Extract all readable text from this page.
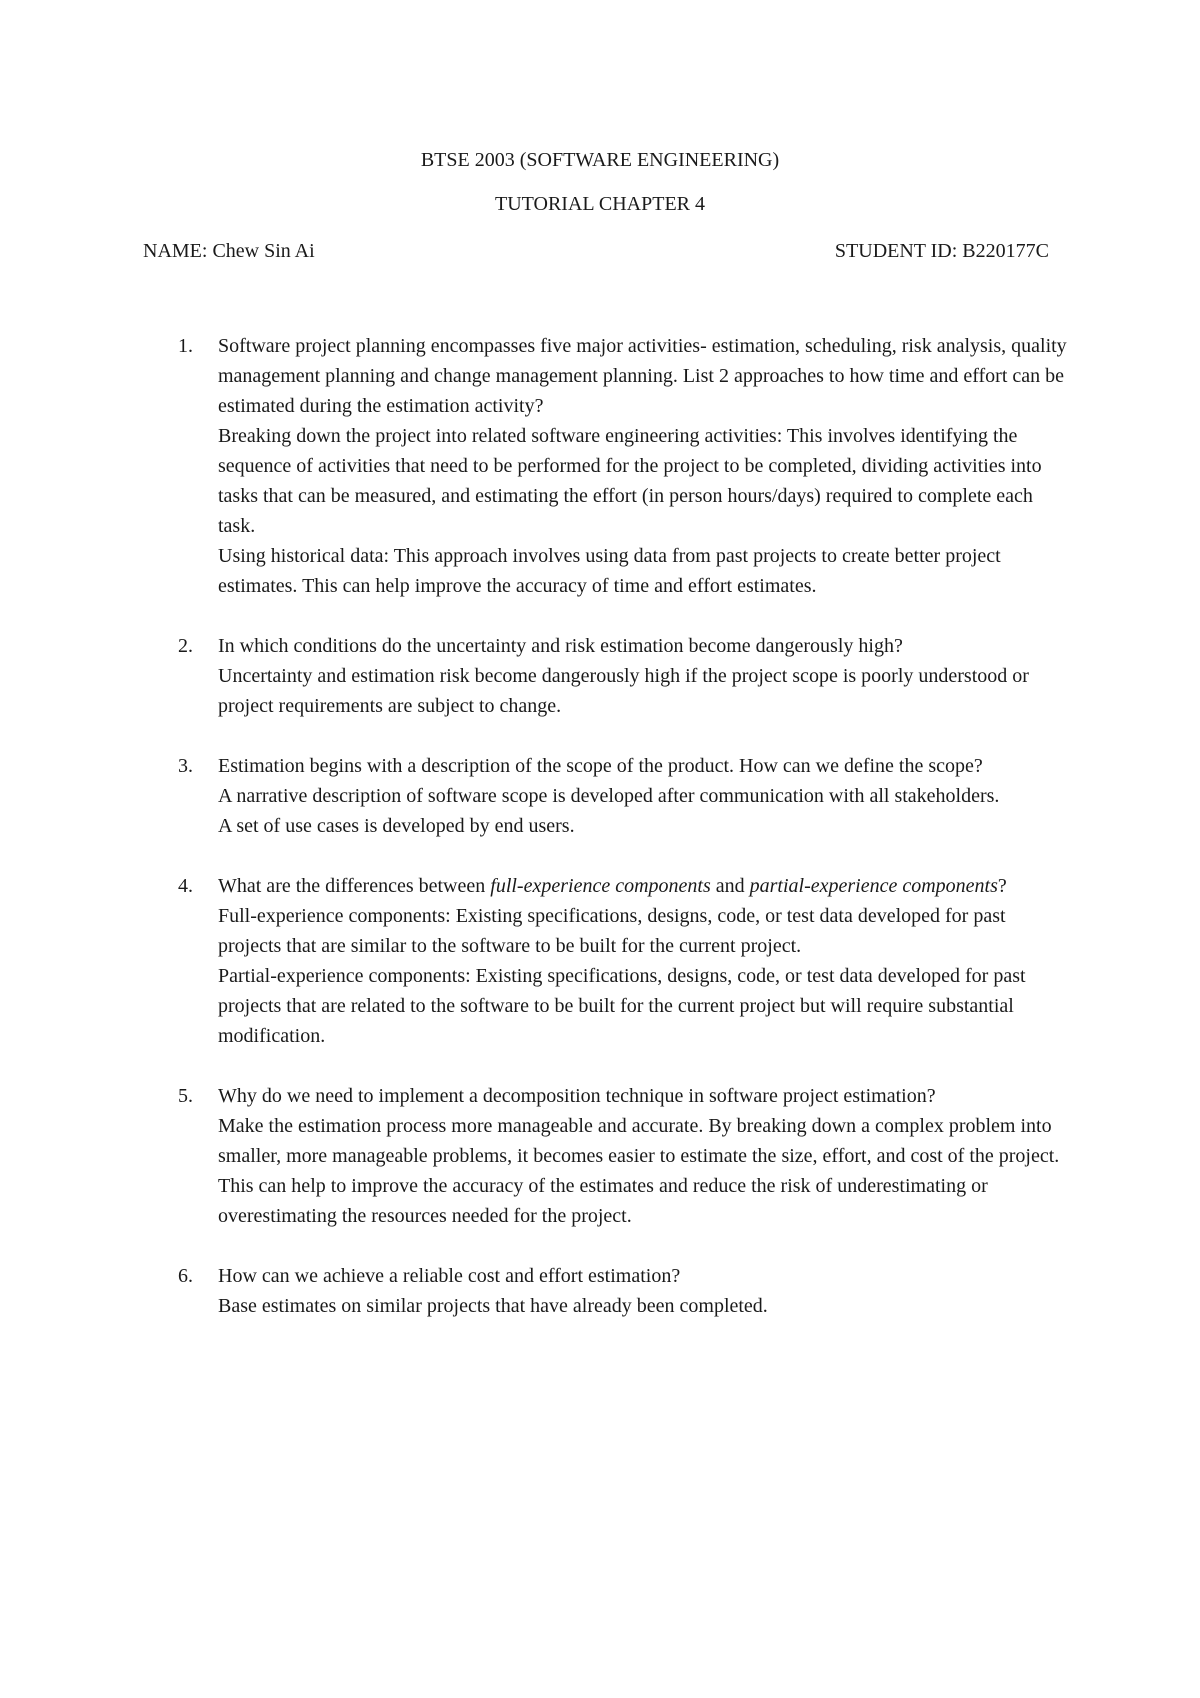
BTSE 2003 (SOFTWARE ENGINEERING)
TUTORIAL CHAPTER 4
NAME: Chew Sin Ai	STUDENT ID: B220177C
1. Software project planning encompasses five major activities- estimation, scheduling, risk analysis, quality management planning and change management planning. List 2 approaches to how time and effort can be estimated during the estimation activity?
Breaking down the project into related software engineering activities: This involves identifying the sequence of activities that need to be performed for the project to be completed, dividing activities into tasks that can be measured, and estimating the effort (in person hours/days) required to complete each task.
Using historical data: This approach involves using data from past projects to create better project estimates. This can help improve the accuracy of time and effort estimates.
2. In which conditions do the uncertainty and risk estimation become dangerously high?
Uncertainty and estimation risk become dangerously high if the project scope is poorly understood or project requirements are subject to change.
3. Estimation begins with a description of the scope of the product. How can we define the scope?
A narrative description of software scope is developed after communication with all stakeholders.
A set of use cases is developed by end users.
4. What are the differences between full-experience components and partial-experience components?
Full-experience components: Existing specifications, designs, code, or test data developed for past projects that are similar to the software to be built for the current project.
Partial-experience components: Existing specifications, designs, code, or test data developed for past projects that are related to the software to be built for the current project but will require substantial modification.
5. Why do we need to implement a decomposition technique in software project estimation?
Make the estimation process more manageable and accurate. By breaking down a complex problem into smaller, more manageable problems, it becomes easier to estimate the size, effort, and cost of the project. This can help to improve the accuracy of the estimates and reduce the risk of underestimating or overestimating the resources needed for the project.
6. How can we achieve a reliable cost and effort estimation?
Base estimates on similar projects that have already been completed.
